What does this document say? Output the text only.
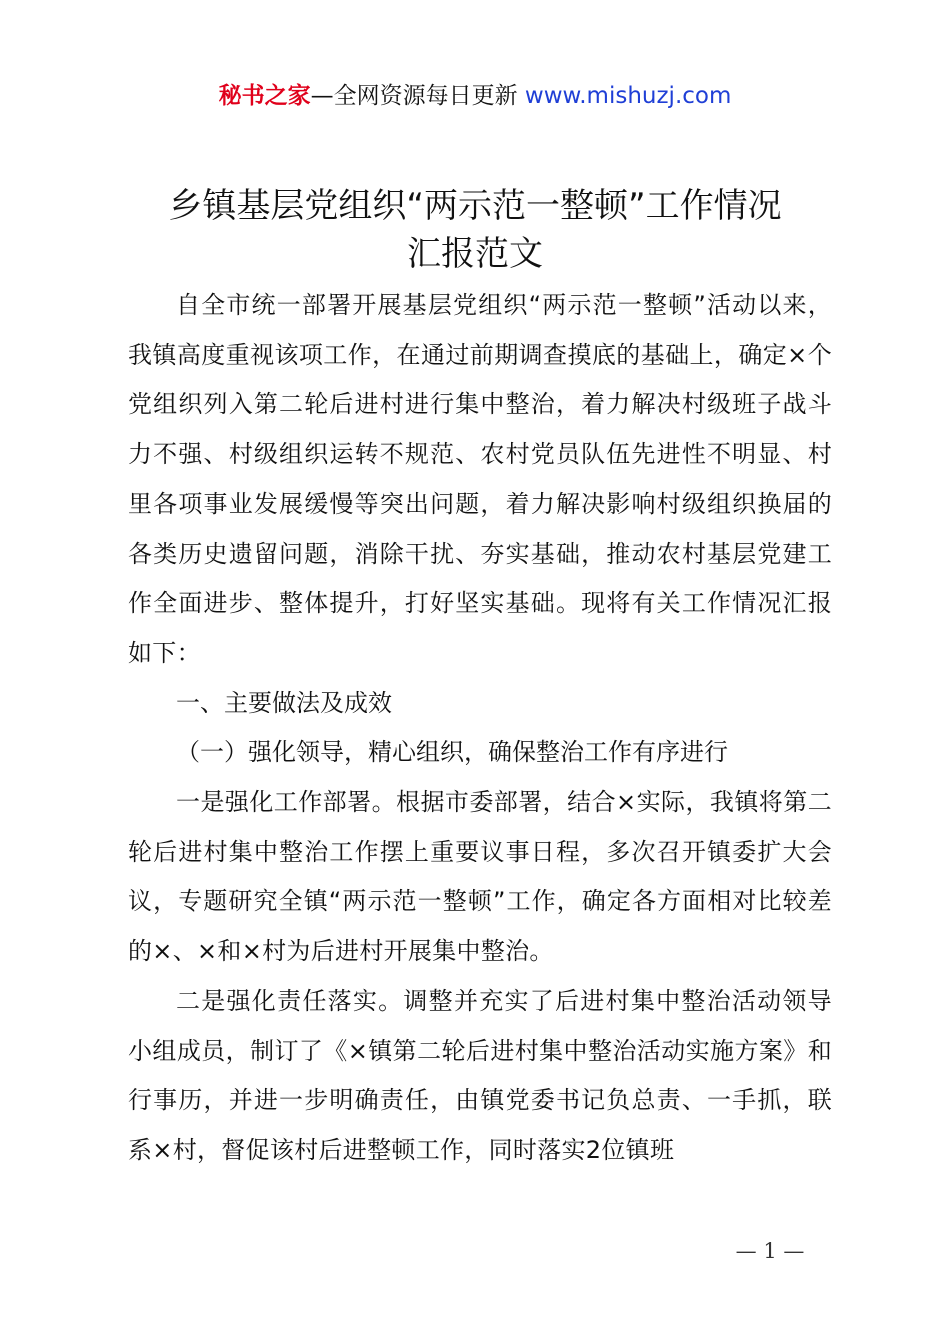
秘书之家—全网资源每日更新 www.mishuzj.com
乡镇基层党组织“两示范一整顿”工作情况
汇报范文

自全市统一部署开展基层党组织“两示范一整顿”活动以来，我镇高度重视该项工作，在通过前期调查摸底的基础上，确定×个党组织列入第二轮后进村进行集中整治，着力解决村级班子战斗力不强、村级组织运转不规范、农村党员队伍先进性不明显、村里各项事业发展缓慢等突出问题，着力解决影响村级组织换届的各类历史遗留问题，消除干扰、夯实基础，推动农村基层党建工作全面进步、整体提升，打好坚实基础。现将有关工作情况汇报如下：

一、主要做法及成效

（一）强化领导，精心组织，确保整治工作有序进行

一是强化工作部署。根据市委部署，结合×实际，我镇将第二轮后进村集中整治工作摆上重要议事日程，多次召开镇委扩大会议，专题研究全镇“两示范一整顿”工作，确定各方面相对比较差的×、×和×村为后进村开展集中整治。

二是强化责任落实。调整并充实了后进村集中整治活动领导小组成员，制订了《×镇第二轮后进村集中整治活动实施方案》和行事历，并进一步明确责任，由镇党委书记负总责、一手抓，联系×村，督促该村后进整顿工作，同时落实2位镇班

— 1 —
